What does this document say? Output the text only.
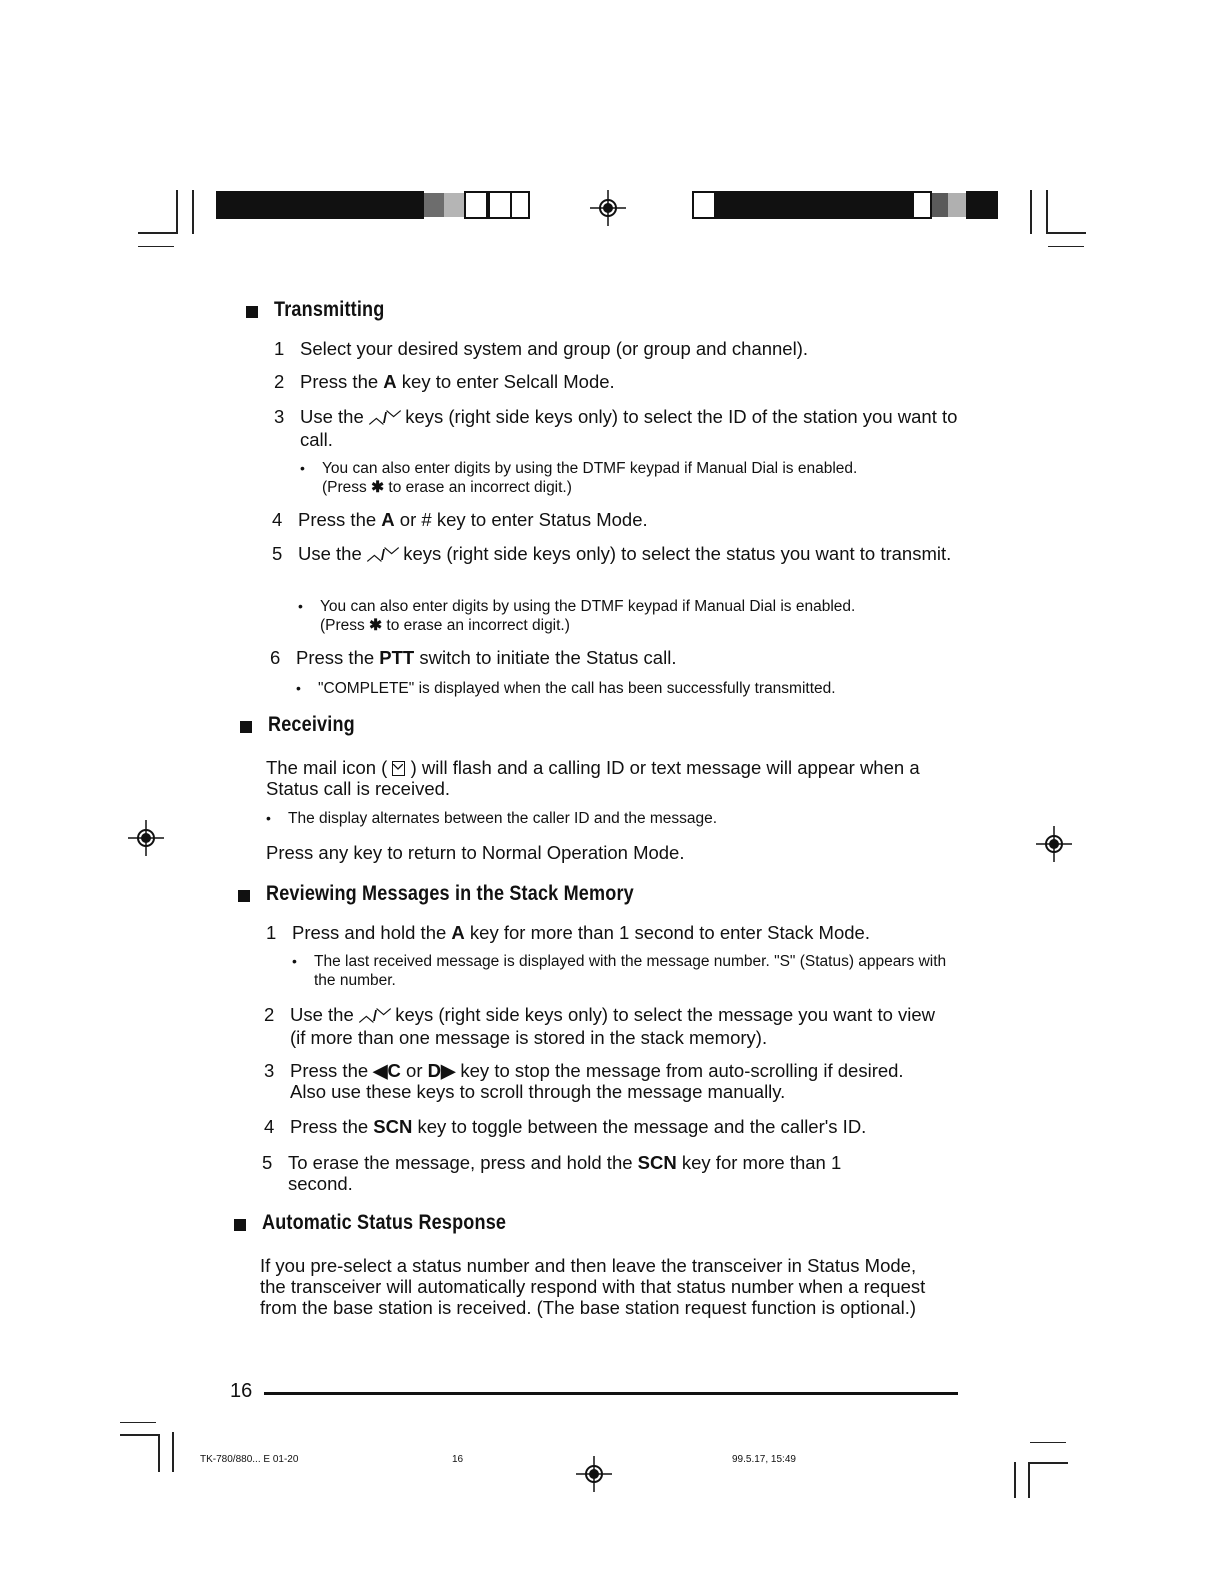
Transmitting
1 Select your desired system and group (or group and channel).
2 Press the A key to enter Selcall Mode.
3 Use the ︿/﹀ keys (right side keys only) to select the ID of the station you want to call.
• You can also enter digits by using the DTMF keypad if Manual Dial is enabled.
(Press ✱ to erase an incorrect digit.)
4 Press the A or # key to enter Status Mode.
5 Use the ︿/﹀ keys (right side keys only) to select the status you want to transmit.
• You can also enter digits by using the DTMF keypad if Manual Dial is enabled.
(Press ✱ to erase an incorrect digit.)
6 Press the PTT switch to initiate the Status call.
• "COMPLETE" is displayed when the call has been successfully transmitted.
Receiving
The mail icon ( ) will flash and a calling ID or text message will appear when a Status call is received.
• The display alternates between the caller ID and the message.
Press any key to return to Normal Operation Mode.
Reviewing Messages in the Stack Memory
1 Press and hold the A key for more than 1 second to enter Stack Mode.
• The last received message is displayed with the message number. "S" (Status) appears with the number.
2 Use the ︿/﹀ keys (right side keys only) to select the message you want to view (if more than one message is stored in the stack memory).
3 Press the ◀C or D▶ key to stop the message from auto-scrolling if desired. Also use these keys to scroll through the message manually.
4 Press the SCN key to toggle between the message and the caller's ID.
5 To erase the message, press and hold the SCN key for more than 1 second.
Automatic Status Response
If you pre-select a status number and then leave the transceiver in Status Mode, the transceiver will automatically respond with that status number when a request from the base station is received. (The base station request function is optional.)
16
TK-780/880... E 01-20	16	99.5.17, 15:49
